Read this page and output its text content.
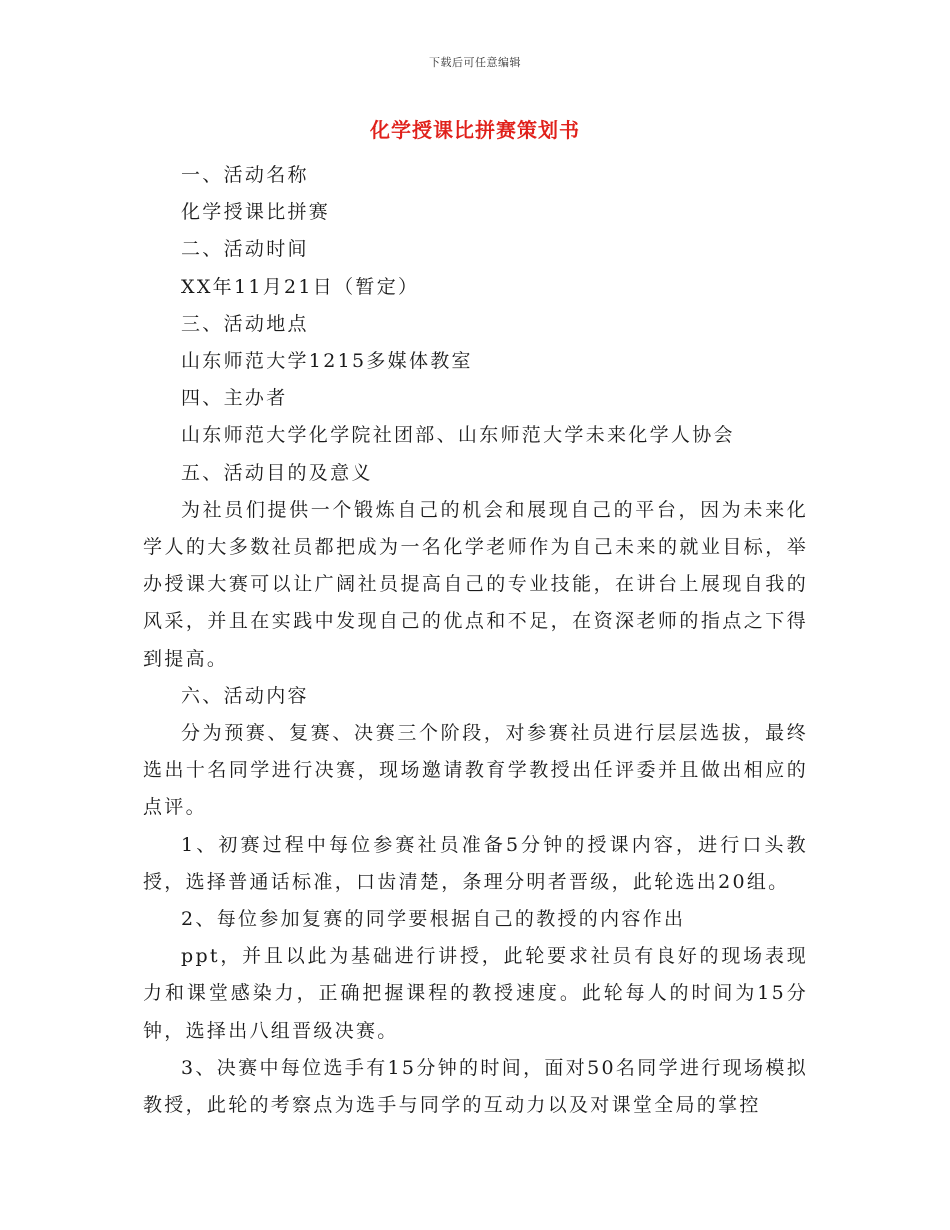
下载后可任意编辑
化学授课比拼赛策划书

一、活动名称

化学授课比拼赛

二、活动时间

XX年11月21日（暂定）

三、活动地点

山东师范大学1215多媒体教室

四、主办者

山东师范大学化学院社团部、山东师范大学未来化学人协会

五、活动目的及意义

为社员们提供一个锻炼自己的机会和展现自己的平台，因为未来化学人的大多数社员都把成为一名化学老师作为自己未来的就业目标，举办授课大赛可以让广阔社员提高自己的专业技能，在讲台上展现自我的风采，并且在实践中发现自己的优点和不足，在资深老师的指点之下得到提高。

六、活动内容

分为预赛、复赛、决赛三个阶段，对参赛社员进行层层选拔，最终选出十名同学进行决赛，现场邀请教育学教授出任评委并且做出相应的点评。

1、初赛过程中每位参赛社员准备5分钟的授课内容，进行口头教授，选择普通话标准，口齿清楚，条理分明者晋级，此轮选出20组。

2、每位参加复赛的同学要根据自己的教授的内容作出

ppt，并且以此为基础进行讲授，此轮要求社员有良好的现场表现力和课堂感染力，正确把握课程的教授速度。此轮每人的时间为15分钟，选择出八组晋级决赛。

3、决赛中每位选手有15分钟的时间，面对50名同学进行现场模拟教授，此轮的考察点为选手与同学的互动力以及对课堂全局的掌控
